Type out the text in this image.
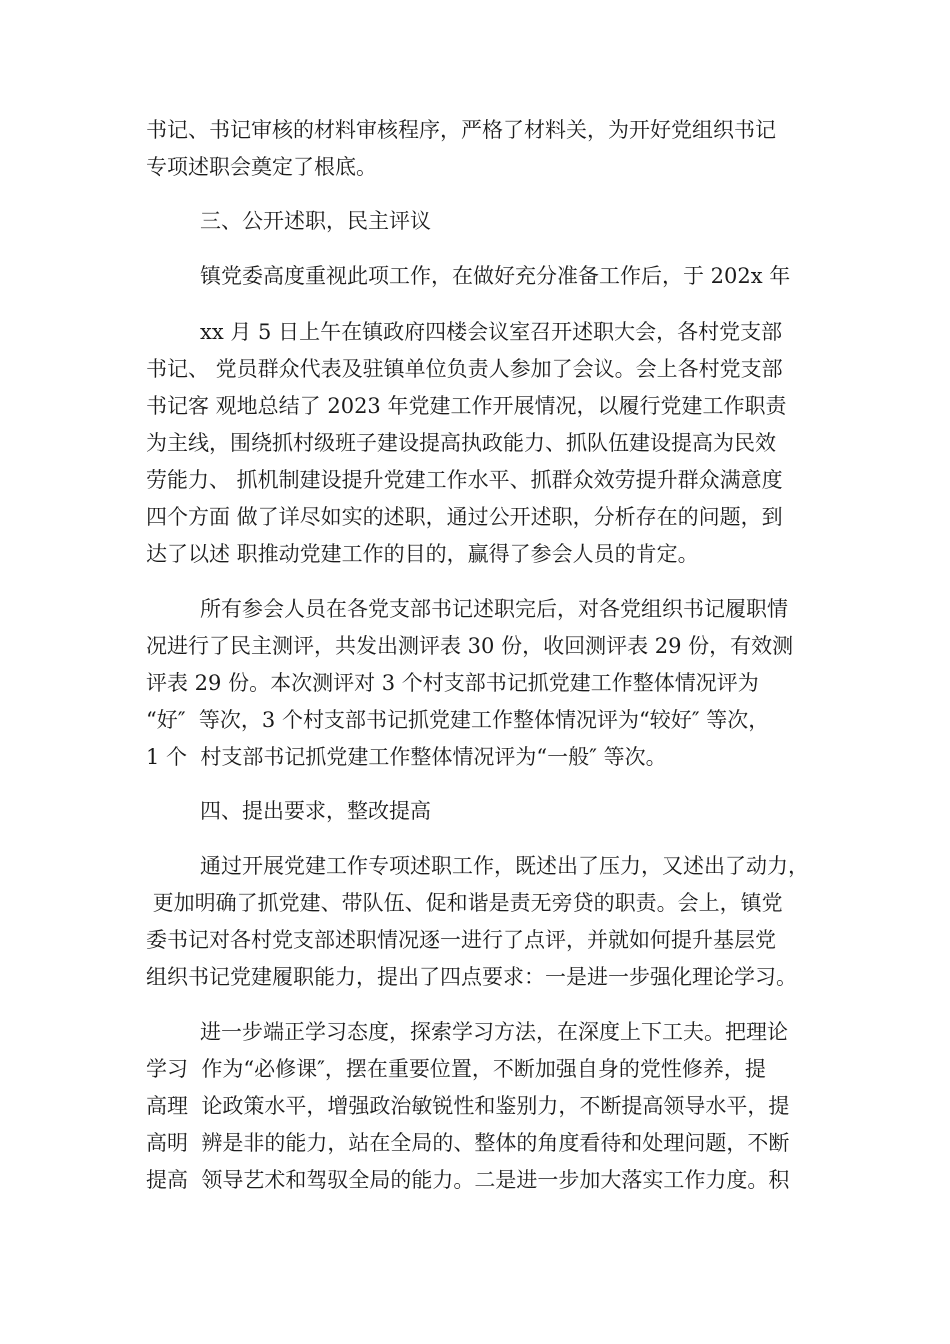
书记、书记审核的材料审核程序，严格了材料关，为开好党组织书记
专项述职会奠定了根底。
三、公开述职，民主评议
镇党委高度重视此项工作，在做好充分准备工作后，于 202x 年
xx 月 5 日上午在镇政府四楼会议室召开述职大会，各村党支部
书记、 党员群众代表及驻镇单位负责人参加了会议。会上各村党支部
书记客 观地总结了 2023 年党建工作开展情况，以履行党建工作职责
为主线，围绕抓村级班子建设提高执政能力、抓队伍建设提高为民效
劳能力、 抓机制建设提升党建工作水平、抓群众效劳提升群众满意度
四个方面 做了详尽如实的述职，通过公开述职，分析存在的问题，到
达了以述 职推动党建工作的目的，赢得了参会人员的肯定。
所有参会人员在各党支部书记述职完后，对各党组织书记履职情
况进行了民主测评，共发出测评表 30 份，收回测评表 29 份，有效测
评表 29 份。本次测评对 3 个村支部书记抓党建工作整体情况评为
“好″  等次，3 个村支部书记抓党建工作整体情况评为“较好″ 等次，
1 个  村支部书记抓党建工作整体情况评为“一般″ 等次。
四、提出要求，整改提高
通过开展党建工作专项述职工作，既述出了压力，又述出了动力，
更加明确了抓党建、带队伍、促和谐是责无旁贷的职责。会上，镇党
委书记对各村党支部述职情况逐一进行了点评，并就如何提升基层党
组织书记党建履职能力，提出了四点要求：一是进一步强化理论学习。
进一步端正学习态度，探索学习方法，在深度上下工夫。把理论
学习  作为“必修课″，摆在重要位置，不断加强自身的党性修养，提
高理  论政策水平，增强政治敏锐性和鉴别力，不断提高领导水平，提
高明  辨是非的能力，站在全局的、整体的角度看待和处理问题，不断
提高  领导艺术和驾驭全局的能力。二是进一步加大落实工作力度。积
